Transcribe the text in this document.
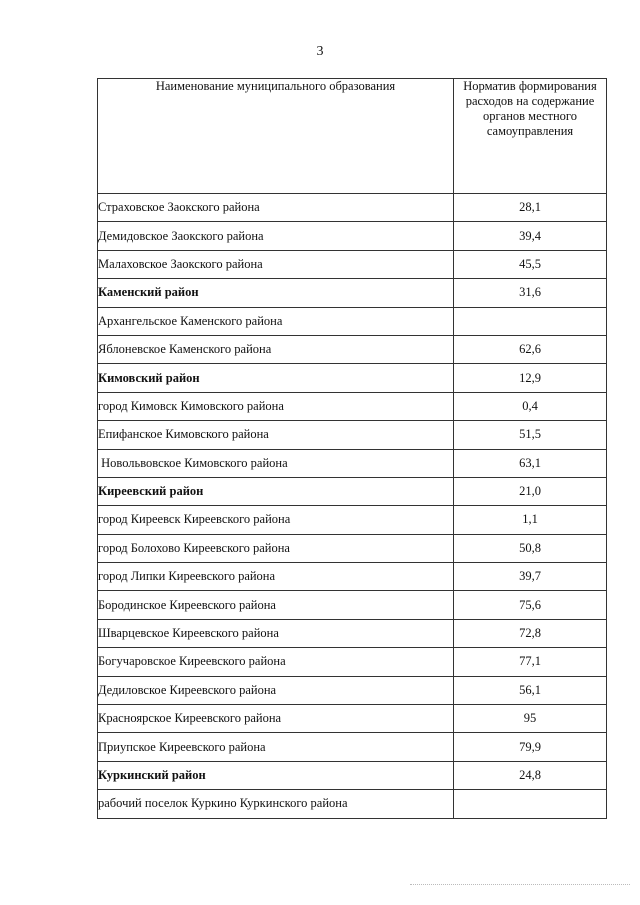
3
Наименование муниципального образования	Норматив формирования расходов на содержание органов местного самоуправления
Страховское Заокского района	28,1
Демидовское Заокского района	39,4
Малаховское Заокского района	45,5
Каменский район	31,6
Архангельское Каменского района	
Яблоневское Каменского района	62,6
Кимовский район	12,9
город Кимовск Кимовского района	0,4
Епифанское Кимовского района	51,5
Новольвовское Кимовского района	63,1
Киреевский район	21,0
город Киреевск Киреевского района	1,1
город Болохово Киреевского района	50,8
город Липки Киреевского района	39,7
Бородинское Киреевского района	75,6
Шварцевское Киреевского района	72,8
Богучаровское Киреевского района	77,1
Дедиловское Киреевского района	56,1
Красноярское Киреевского района	95
Приупское Киреевского района	79,9
Куркинский район	24,8
рабочий поселок Куркино Куркинского района	
